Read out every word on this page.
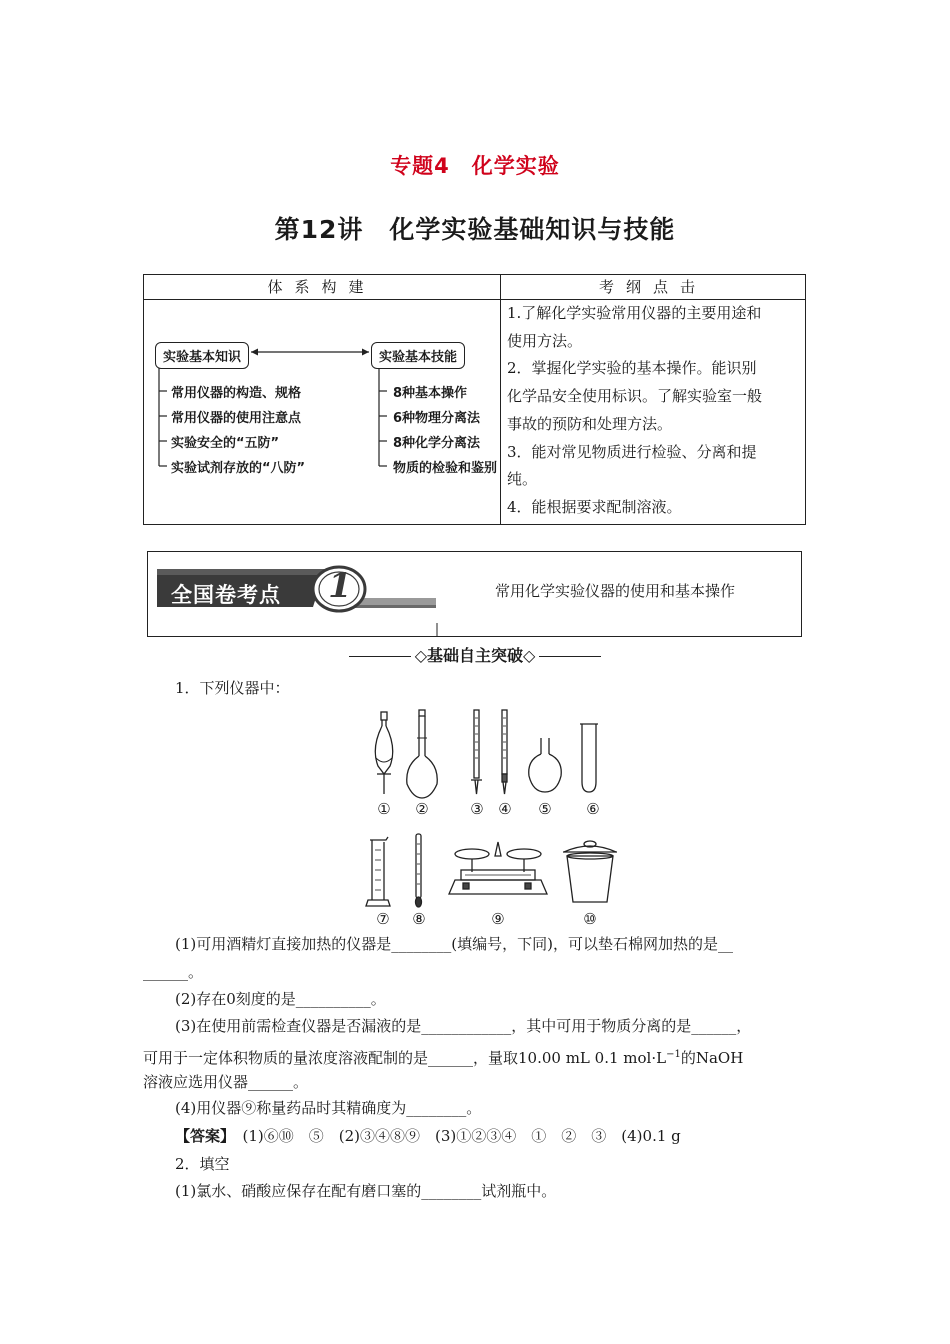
专题4　化学实验
第12讲　化学实验基础知识与技能
体系构建	考纲点击
实验基本知识	实验基本技能
常用仪器的构造、规格
常用仪器的使用注意点
实验安全的“五防”
实验试剂存放的“八防”
8种基本操作
6种物理分离法
8种化学分离法
物质的检验和鉴别

1.了解化学实验常用仪器的主要用途和

使用方法。

2．掌握化学实验的基本操作。能识别

化学品安全使用标识。了解实验室一般

事故的预防和处理方法。

3．能对常见物质进行检验、分离和提

纯。

4．能根据要求配制溶液。

全国卷考点 1	常用化学实验仪器的使用和基本操作
◇基础自主突破◇
1．下列仪器中：
①	②	③ ④	⑤	⑥
⑦	⑧	⑨	⑩
(1)可用酒精灯直接加热的仪器是________(填编号，下同)，可以垫石棉网加热的是__
______。
(2)存在0刻度的是__________。
(3)在使用前需检查仪器是否漏液的是____________，其中可用于物质分离的是______，
可用于一定体积物质的量浓度溶液配制的是______，量取10.00 mL 0.1 $mol\cdot L^{-1}$的NaOH
溶液应选用仪器______。
(4)用仪器⑨称量药品时其精确度为________。
【答案】　 (1)⑥⑩　⑤　(2)③④⑧⑨　(3)①②③④　①　②　③　(4)0.1 g
2．填空
(1)氯水、硝酸应保存在配有磨口塞的________试剂瓶中。
